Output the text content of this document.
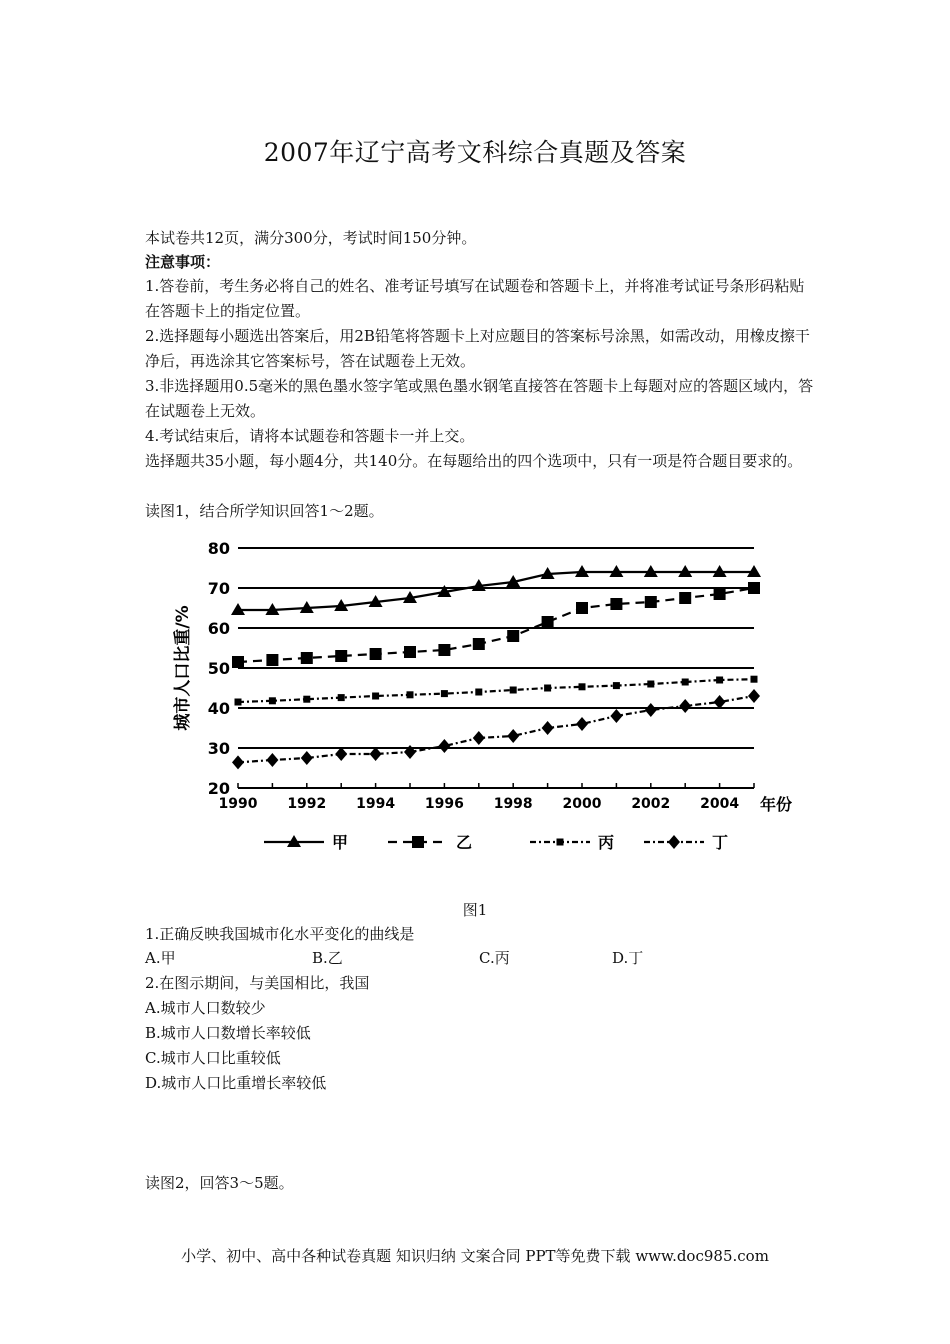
2007年辽宁高考文科综合真题及答案
本试卷共12页，满分300分，考试时间150分钟。
注意事项：
1.答卷前，考生务必将自己的姓名、准考证号填写在试题卷和答题卡上，并将准考试证号条形码粘贴在答题卡上的指定位置。
2.选择题每小题选出答案后，用2B铅笔将答题卡上对应题目的答案标号涂黑，如需改动，用橡皮擦干净后，再选涂其它答案标号，答在试题卷上无效。
3.非选择题用0.5毫米的黑色墨水签字笔或黑色墨水钢笔直接答在答题卡上每题对应的答题区域内，答在试题卷上无效。
4.考试结束后，请将本试题卷和答题卡一并上交。
选择题共35小题，每小题4分，共140分。在每题给出的四个选项中，只有一项是符合题目要求的。
读图1，结合所学知识回答1～2题。
20
30
40
50
60
70
80
1990 1992 1994 1996 1998 2000 2002 2004 年份
城市人口比重/%
甲	乙	丙	丁
图1
1.正确反映我国城市化水平变化的曲线是
A.甲	B.乙	C.丙	D.丁
2.在图示期间，与美国相比，我国
A.城市人口数较少
B.城市人口数增长率较低
C.城市人口比重较低
D.城市人口比重增长率较低
读图2，回答3～5题。
小学、初中、高中各种试卷真题 知识归纳 文案合同 PPT等免费下载 www.doc985.com
